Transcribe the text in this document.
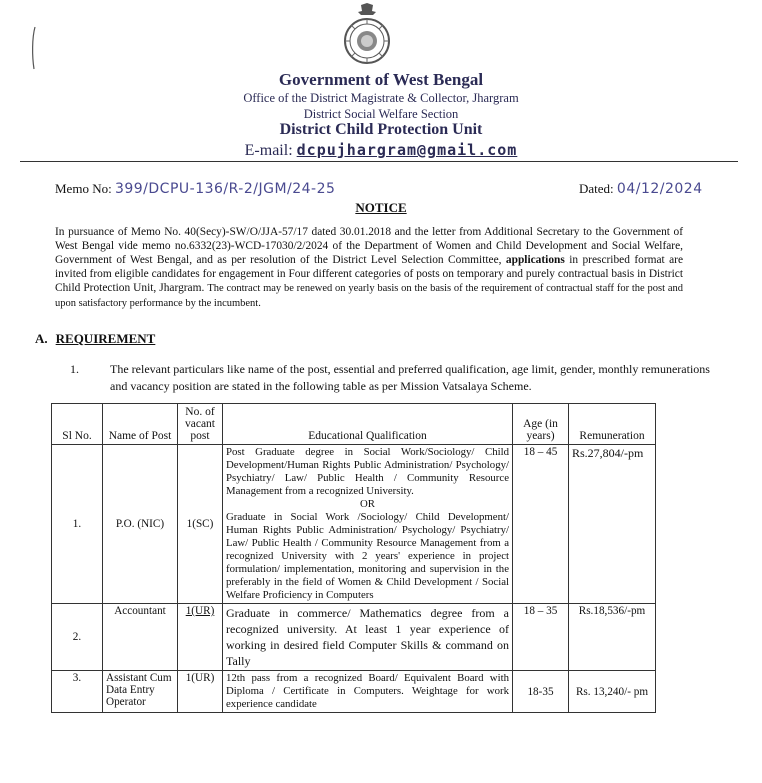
Government of West Bengal
Office of the District Magistrate & Collector, Jhargram
District Social Welfare Section
District Child Protection Unit
E-mail: dcpujhargram@gmail.com
Memo No: 399/DCPU-136/R-2/JGM/24-25	Dated: 04/12/2024
NOTICE
In pursuance of Memo No. 40(Secy)-SW/O/JJA-57/17 dated 30.01.2018 and the letter from Additional Secretary to the Government of West Bengal vide memo no.6332(23)-WCD-17030/2/2024 of the Department of Women and Child Development and Social Welfare, Government of West Bengal, and as per resolution of the District Level Selection Committee, applications in prescribed format are invited from eligible candidates for engagement in Four different categories of posts on temporary and purely contractual basis in District Child Protection Unit, Jhargram. The contract may be renewed on yearly basis on the basis of the requirement of contractual staff for the post and upon satisfactory performance by the incumbent.
A. REQUIREMENT
1.	The relevant particulars like name of the post, essential and preferred qualification, age limit, gender, monthly remunerations and vacancy position are stated in the following table as per Mission Vatsalaya Scheme.
Sl No.	Name of Post	No. of vacant post	Educational Qualification	Age (in years)	Remuneration
1.	P.O. (NIC)	1(SC)	Post Graduate degree in Social Work/Sociology/ Child Development/Human Rights Public Administration/ Psychology/ Psychiatry/ Law/ Public Health / Community Resource Management from a recognized University.
OR
Graduate in Social Work /Sociology/ Child Development/ Human Rights Public Administration/ Psychology/ Psychiatry/ Law/ Public Health / Community Resource Management from a recognized University with 2 years' experience in project formulation/ implementation, monitoring and supervision in the preferably in the field of Women & Child Development / Social Welfare Proficiency in Computers	18 – 45	Rs.27,804/-pm
2.	Accountant	1(UR)	Graduate in commerce/ Mathematics degree from a recognized university. At least 1 year experience of working in desired field Computer Skills & command on Tally	18 – 35	Rs.18,536/-pm
3.	Assistant Cum Data Entry Operator	1(UR)	12th pass from a recognized Board/ Equivalent Board with Diploma / Certificate in Computers. Weightage for work experience candidate	18-35	Rs. 13,240/- pm
